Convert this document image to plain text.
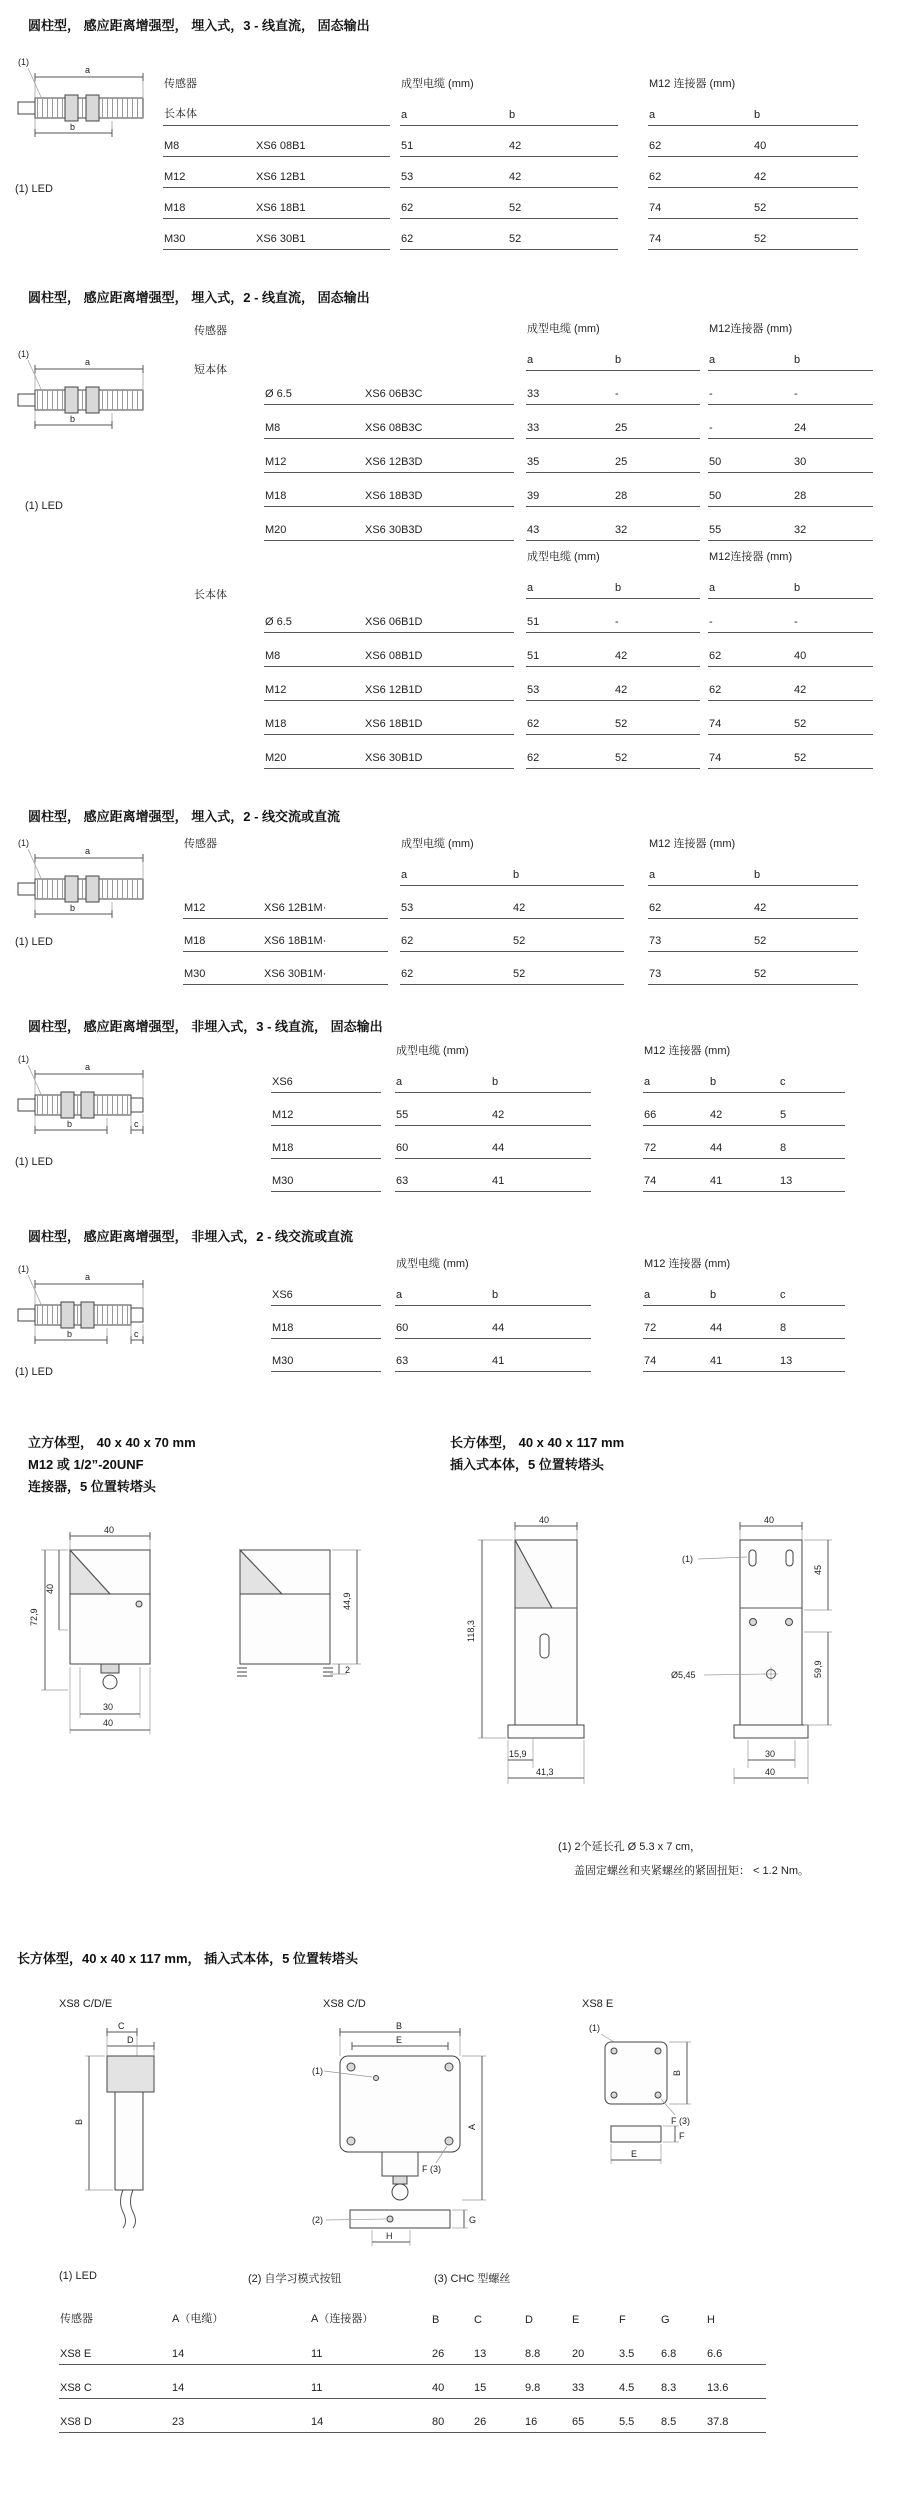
圆柱型， 感应距离增强型， 埋入式，3 - 线直流， 固态输出
(1)
a
b
(1) LED
传感器			成型电缆 (mm)			M12 连接器 (mm)	
长本体			a	b		a	b
M8	XS6 08B1		51	42		62	40
M12	XS6 12B1		53	42		62	42
M18	XS6 18B1		62	52		74	52
M30	XS6 30B1		62	52		74	52
圆柱型， 感应距离增强型， 埋入式，2 - 线直流， 固态输出
传感器
短本体
长本体
(1)
a
b
(1) LED
			成型电缆 (mm)			M12连接器 (mm)	
			a	b		a	b
Ø 6.5	XS6 06B3C		33	-		-	-
M8	XS6 08B3C		33	25		-	24
M12	XS6 12B3D		35	25		50	30
M18	XS6 18B3D		39	28		50	28
M20	XS6 30B3D		43	32		55	32
			成型电缆 (mm)			M12连接器 (mm)	
			a	b		a	b
Ø 6.5	XS6 06B1D		51	-		-	-
M8	XS6 08B1D		51	42		62	40
M12	XS6 12B1D		53	42		62	42
M18	XS6 18B1D		62	52		74	52
M20	XS6 30B1D		62	52		74	52
圆柱型， 感应距离增强型， 埋入式，2 - 线交流或直流
(1)
a
b
(1) LED
传感器			成型电缆 (mm)			M12 连接器 (mm)	
			a	b		a	b
M12	XS6 12B1M·		53	42		62	42
M18	XS6 18B1M·		62	52		73	52
M30	XS6 30B1M·		62	52		73	52
圆柱型， 感应距离增强型， 非埋入式，3 - 线直流， 固态输出
(1)
a
b	c
(1) LED
		成型电缆 (mm)			M12 连接器 (mm)		
XS6		a	b		a	b	c
M12		55	42		66	42	5
M18		60	44		72	44	8
M30		63	41		74	41	13
圆柱型， 感应距离增强型， 非埋入式，2 - 线交流或直流
(1)
a
b	c
(1) LED
		成型电缆 (mm)			M12 连接器 (mm)		
XS6		a	b		a	b	c
M18		60	44		72	44	8
M30		63	41		74	41	13
立方体型， 40 x 40 x 70 mm
M12 或 1/2”-20UNF
连接器，5 位置转塔头
长方体型， 40 x 40 x 117 mm
插入式本体，5 位置转塔头
40
72,9
40
30
40
44,9
2
40
118,3
15,9
41,3
40
(1)
Ø5,45
45
59,9
30
40
(1) 2个延长孔 Ø 5.3 x 7 cm，
盖固定螺丝和夹紧螺丝的紧固扭矩： < 1.2 Nm。
长方体型，40 x 40 x 117 mm， 插入式本体，5 位置转塔头
XS8 C/D/E	XS8 C/D	XS8 E
C
D
B
B
E
(1)
F (3)
A
(2)	G
H
(1)
B
F (3)
E
F
(1) LED	(2) 自学习模式按钮	(3) CHC 型螺丝
传感器	A（电缆）	A（连接器）	B	C	D	E	F	G	H
XS8 E	14	11	26	13	8.8	20	3.5	6.8	6.6
XS8 C	14	11	40	15	9.8	33	4.5	8.3	13.6
XS8 D	23	14	80	26	16	65	5.5	8.5	37.8
